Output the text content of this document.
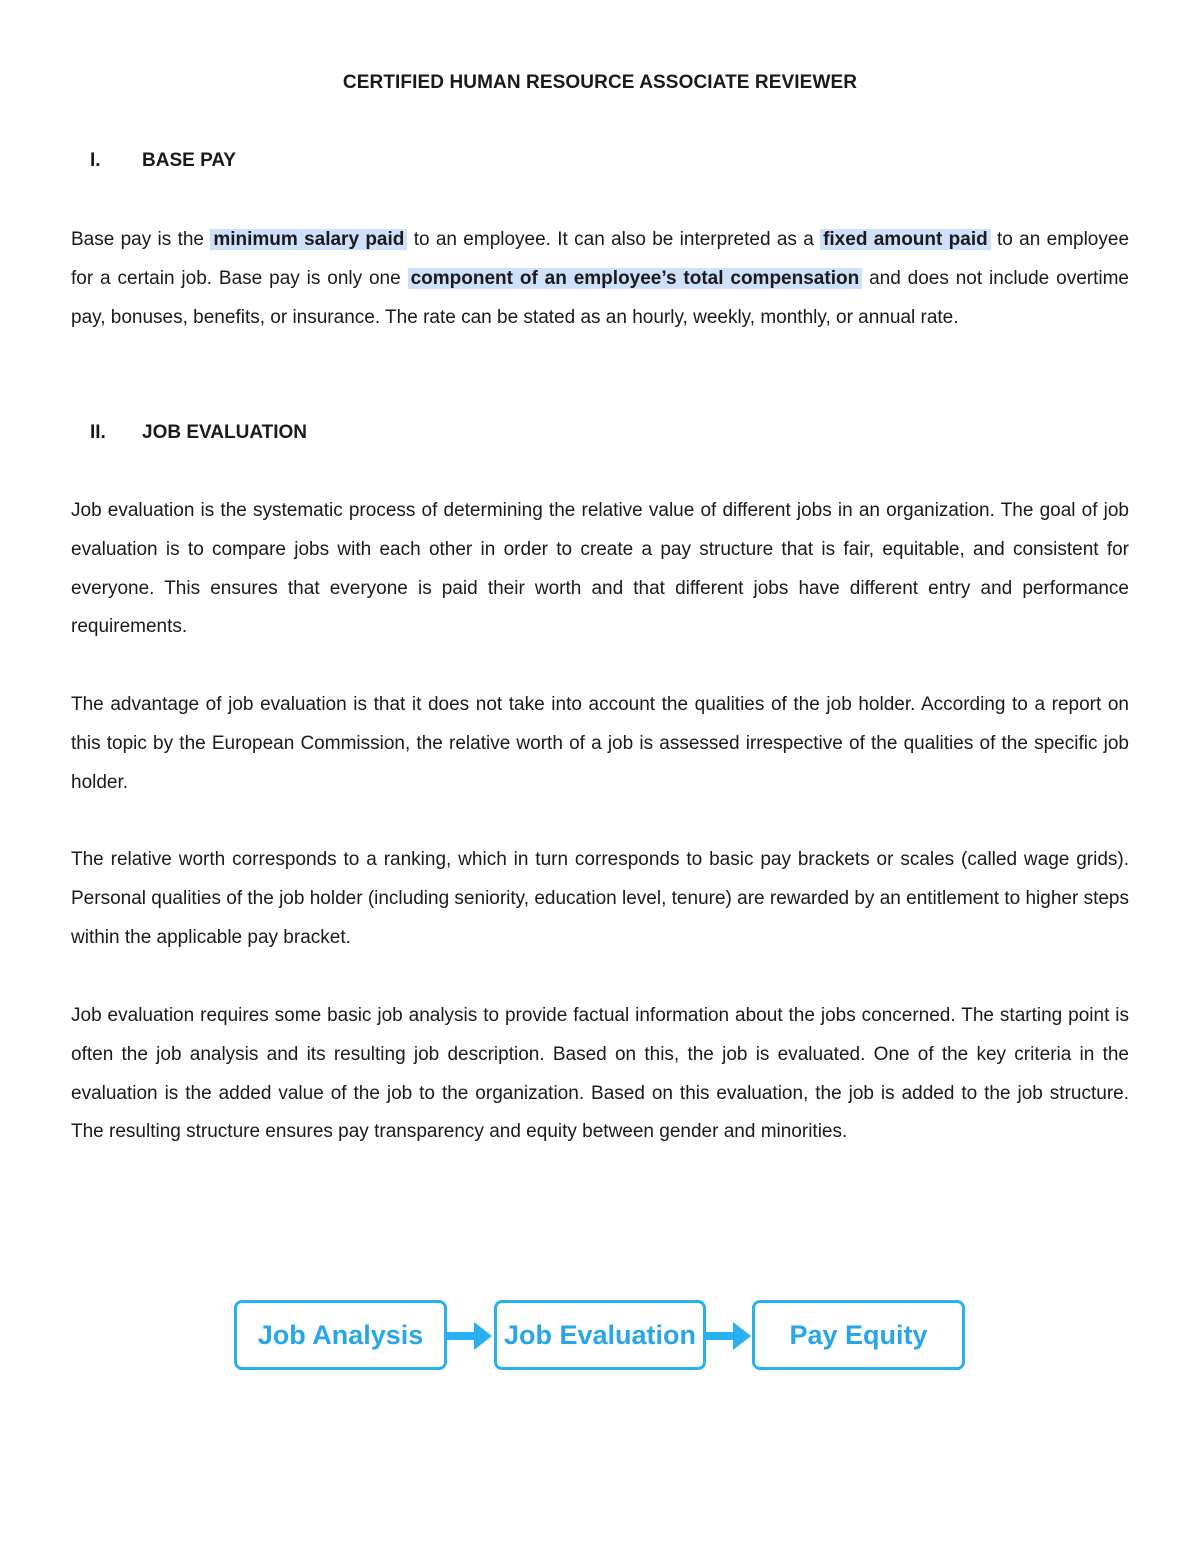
CERTIFIED HUMAN RESOURCE ASSOCIATE REVIEWER
I. BASE PAY

Base pay is the minimum salary paid to an employee. It can also be interpreted as a fixed amount paid to an employee for a certain job. Base pay is only one component of an employee’s total compensation and does not include overtime pay, bonuses, benefits, or insurance. The rate can be stated as an hourly, weekly, monthly, or annual rate.

II. JOB EVALUATION

Job evaluation is the systematic process of determining the relative value of different jobs in an organization. The goal of job evaluation is to compare jobs with each other in order to create a pay structure that is fair, equitable, and consistent for everyone. This ensures that everyone is paid their worth and that different jobs have different entry and performance requirements.

The advantage of job evaluation is that it does not take into account the qualities of the job holder. According to a report on this topic by the European Commission, the relative worth of a job is assessed irrespective of the qualities of the specific job holder.

The relative worth corresponds to a ranking, which in turn corresponds to basic pay brackets or scales (called wage grids). Personal qualities of the job holder (including seniority, education level, tenure) are rewarded by an entitlement to higher steps within the applicable pay bracket.

Job evaluation requires some basic job analysis to provide factual information about the jobs concerned. The starting point is often the job analysis and its resulting job description. Based on this, the job is evaluated. One of the key criteria in the evaluation is the added value of the job to the organization. Based on this evaluation, the job is added to the job structure. The resulting structure ensures pay transparency and equity between gender and minorities.

Job Analysis	Job Evaluation	Pay Equity
